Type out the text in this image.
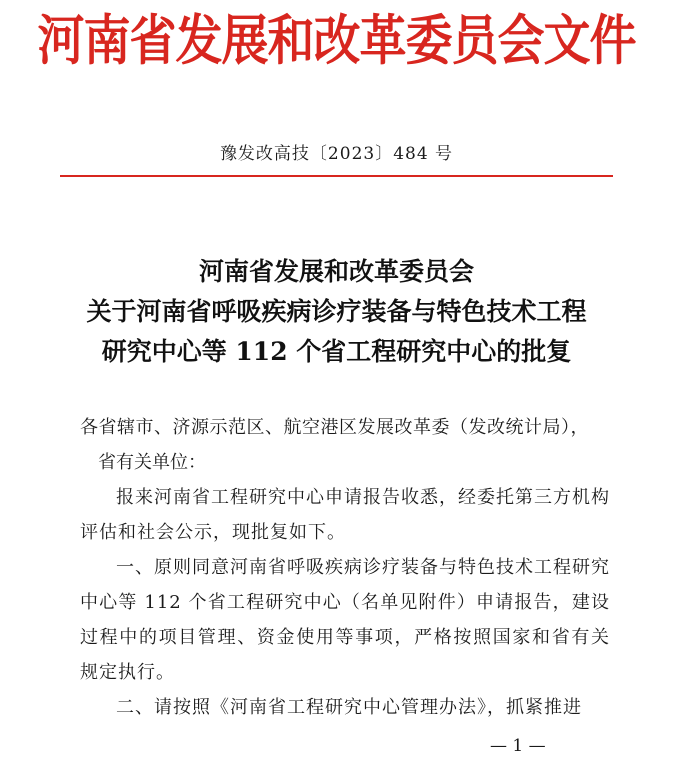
河南省发展和改革委员会文件
豫发改高技〔2023〕484 号
河南省发展和改革委员会
关于河南省呼吸疾病诊疗装备与特色技术工程
研究中心等 112 个省工程研究中心的批复

各省辖市、济源示范区、航空港区发展改革委（发改统计局），

省有关单位：

报来河南省工程研究中心申请报告收悉，经委托第三方机构评估和社会公示，现批复如下。

一、原则同意河南省呼吸疾病诊疗装备与特色技术工程研究中心等 112 个省工程研究中心（名单见附件）申请报告，建设过程中的项目管理、资金使用等事项，严格按照国家和省有关规定执行。

二、请按照《河南省工程研究中心管理办法》，抓紧推进

— 1 —
